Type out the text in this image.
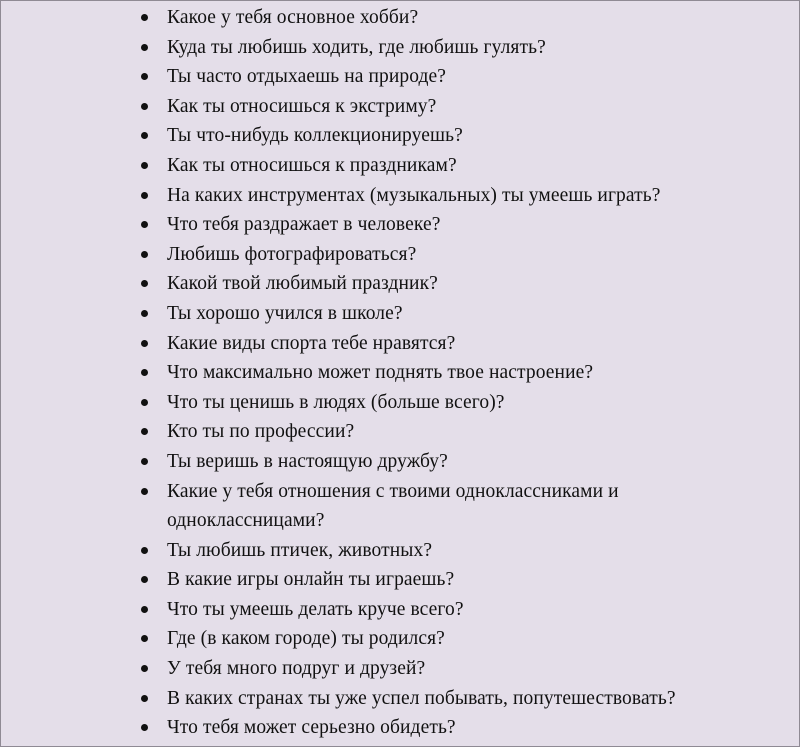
Какое у тебя основное хобби?
Куда ты любишь ходить, где любишь гулять?
Ты часто отдыхаешь на природе?
Как ты относишься к экстриму?
Ты что-нибудь коллекционируешь?
Как ты относишься к праздникам?
На каких инструментах (музыкальных) ты умеешь играть?
Что тебя раздражает в человеке?
Любишь фотографироваться?
Какой твой любимый праздник?
Ты хорошо учился в школе?
Какие виды спорта тебе нравятся?
Что максимально может поднять твое настроение?
Что ты ценишь в людях (больше всего)?
Кто ты по профессии?
Ты веришь в настоящую дружбу?
Какие у тебя отношения с твоими одноклассниками и одноклассницами?
Ты любишь птичек, животных?
В какие игры онлайн ты играешь?
Что ты умеешь делать круче всего?
Где (в каком городе) ты родился?
У тебя много подруг и друзей?
В каких странах ты уже успел побывать, попутешествовать?
Что тебя может серьезно обидеть?
